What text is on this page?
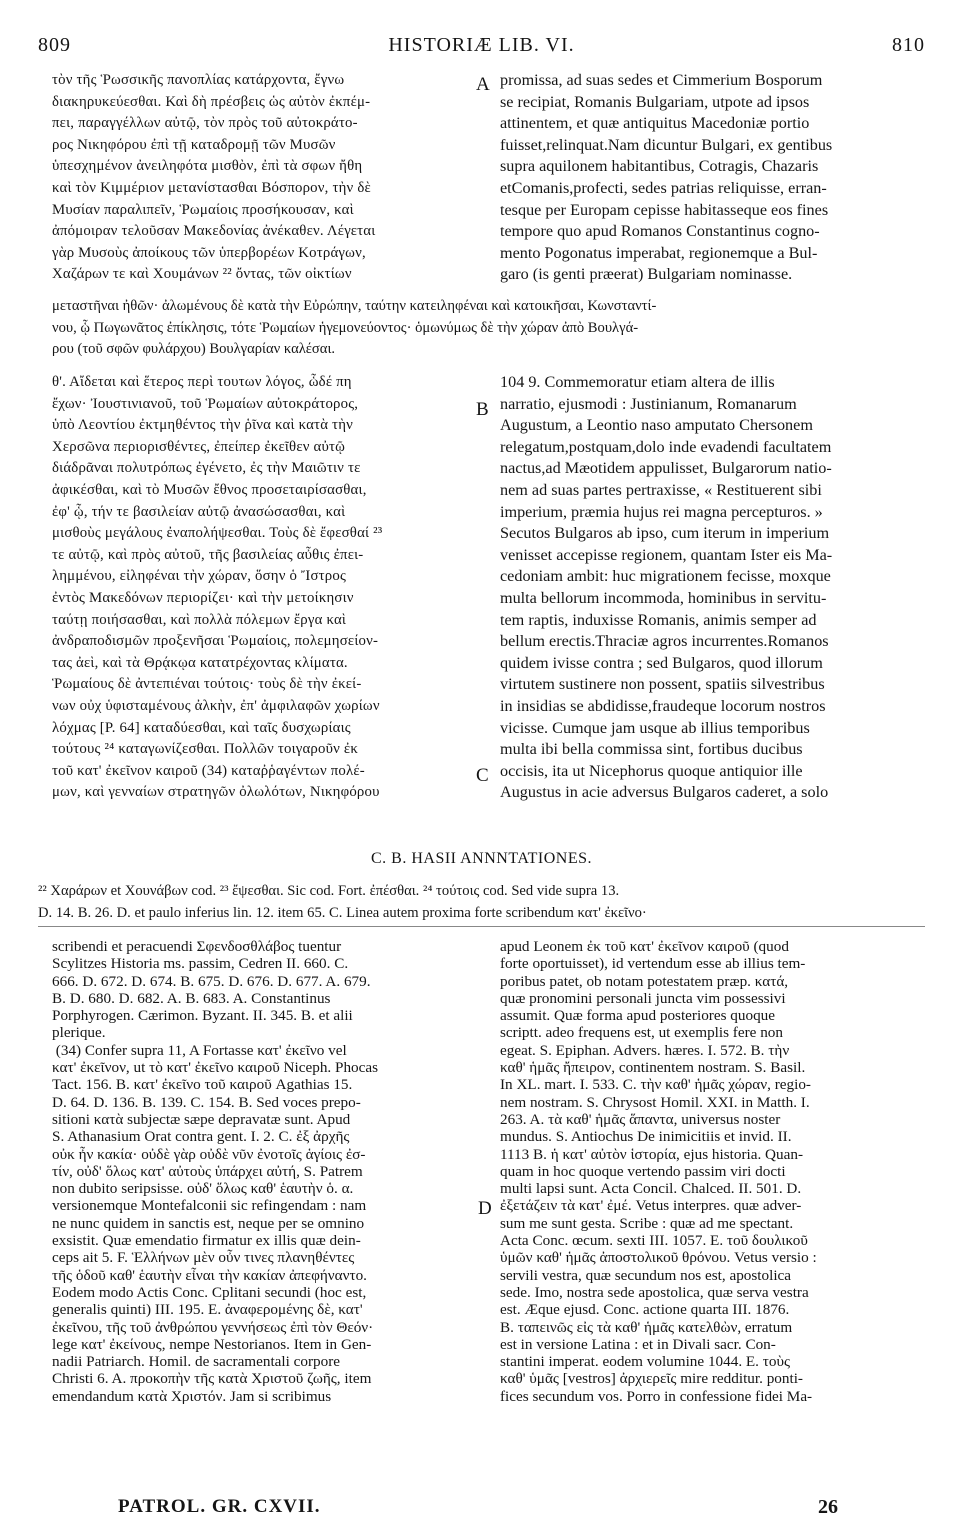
809	HISTORIÆ LIB. VI.	810
τὸν τῆς Ῥωσσικῆς πανοπλίας κατάρχοντα, ἔγνω
διακηρυκεύεσθαι. Καὶ δὴ πρέσβεις ὡς αὐτὸν ἐκπέμ-
πει, παραγγέλλων αὐτῷ, τὸν πρὸς τοῦ αὐτοκράτο-
ρος Νικηφόρου ἐπὶ τῇ καταδρομῇ τῶν Μυσῶν
ὑπεσχημένον ἀνειληφότα μισθὸν, ἐπὶ τὰ σφων ἤθη
καὶ τὸν Κιμμέριον μετανίστασθαι Βόσπορον, τὴν δὲ
Μυσίαν παραλιπεῖν, Ῥωμαίοις προσήκουσαν, καὶ
ἀπόμοιραν τελοῦσαν Μακεδονίας ἀνέκαθεν. Λέγεται
γὰρ Μυσοὺς ἀποίκους τῶν ὑπερβορέων Κοτράγων,
Χαζάρων τε καὶ Χουμάνων ²² ὄντας, τῶν οἰκτίων
A promissa, ad suas sedes et Cimmerium Bosporum
se recipiat, Romanis Bulgariam, utpote ad ipsos
attinentem, et quæ antiquitus Macedoniæ portio
fuisset,relinquat.Nam dicuntur Bulgari, ex gentibus
supra aquilonem habitantibus, Cotragis, Chazaris
etComanis,profecti, sedes patrias reliquisse, erran-
tesque per Europam cepisse habitasseque eos fines
tempore quo apud Romanos Constantinus cogno-
mento Pogonatus imperabat, regionemque a Bul-
garo (is genti præerat) Bulgariam nominasse.
μεταστῆναι ἠθῶν· ἀλωμένους δὲ κατὰ τὴν Εὐρώπην, ταύτην κατειληφέναι καὶ κατοικῆσαι, Κωνσταντί-
νου, ᾧ Πωγωνᾶτος ἐπίκλησις, τότε Ῥωμαίων ἡγεμονεύοντος· ὁμωνύμως δὲ τὴν χώραν ἀπὸ Βουλγά-
ρου (τοῦ σφῶν φυλάρχου) Βουλγαρίαν καλέσαι.
θ'. Αἴδεται καὶ ἕτερος περὶ τουτων λόγος, ὧδέ πη
ἔχων· Ἰουστινιανοῦ, τοῦ Ῥωμαίων αὐτοκράτορος,
ὑπὸ Λεοντίου ἐκτμηθέντος τὴν ῥῖνα καὶ κατὰ τὴν
Χερσῶνα περιορισθέντες, ἐπείπερ ἐκεῖθεν αὐτῷ
διάδρᾶναι πολυτρόπως ἐγένετο, ἐς τὴν Μαιῶτιν τε
ἀφικέσθαι, καὶ τὸ Μυσῶν ἔθνος προσεταιρίσασθαι,
ἐφ' ᾧ, τήν τε βασιλείαν αὐτῷ ἀνασώσασθαι, καὶ
μισθοὺς μεγάλους ἐναπολήψεσθαι. Τοὺς δὲ ἔφεσθαί ²³
τε αὐτῷ, καὶ πρὸς αὐτοῦ, τῆς βασιλείας αὖθις ἐπει-
λημμένου, εἰληφέναι τὴν χώραν, ὅσην ὁ Ἴστρος
ἐντὸς Μακεδόνων περιορίζει· καὶ τὴν μετοίκησιν
ταύτῃ ποιήσασθαι, καὶ πολλὰ πόλεμων ἔργα καὶ
ἀνδραποδισμῶν προξενῆσαι Ῥωμαίοις, πολεμησείον-
τας ἀεὶ, καὶ τὰ Θρᾴκῳα κατατρέχοντας κλίματα.
Ῥωμαίους δὲ ἀντεπιέναι τούτοις· τοὺς δὲ τὴν ἐκεί-
νων οὐχ ὑφισταμένους ἀλκὴν, ἐπ' ἀμφιλαφῶν χωρίων
λόχμας [P. 64] καταδύεσθαι, καὶ ταῖς δυσχωρίαις
τούτους ²⁴ καταγωνίζεσθαι. Πολλῶν τοιγαροῦν ἐκ
τοῦ κατ' ἐκεῖνον καιροῦ (34) καταῤῥαγέντων πολέ-
μων, καὶ γενναίων στρατηγῶν ὀλωλότων, Νικηφόρου
B
C
104 9. Commemoratur etiam altera de illis
narratio, ejusmodi : Justinianum, Romanarum
Augustum, a Leontio naso amputato Chersonem
relegatum,postquam,dolo inde evadendi facultatem
nactus,ad Mæotidem appulisset, Bulgarorum natio-
nem ad suas partes pertraxisse, « Restituerent sibi
imperium, præmia hujus rei magna percepturos. »
Secutos Bulgaros ab ipso, cum iterum in imperium
venisset accepisse regionem, quantam Ister eis Ma-
cedoniam ambit: huc migrationem fecisse, moxque
multa bellorum incommoda, hominibus in servitu-
tem raptis, induxisse Romanis, animis semper ad
bellum erectis.Thraciæ agros incurrentes.Romanos
quidem ivisse contra ; sed Bulgaros, quod illorum
virtutem sustinere non possent, spatiis silvestribus
in insidias se abdidisse,fraudeque locorum nostros
vicisse. Cumque jam usque ab illius temporibus
multa ibi bella commissa sint, fortibus ducibus
occisis, ita ut Nicephorus quoque antiquior ille
Augustus in acie adversus Bulgaros caderet, a solo
C. B. HASII ANNNTATIONES.
²² Χαράρων et Χουνάβων cod. ²³ ἔψεσθαι. Sic cod. Fort. ἐπέσθαι. ²⁴ τούτοις cod. Sed vide supra 13.
D. 14. B. 26. D. et paulo inferius lin. 12. item 65. C. Linea autem proxima forte scribendum κατ' ἐκεῖνο·
scribendi et peracuendi Σφενδοσθλάβος tuentur
Scylitzes Historia ms. passim, Cedren II. 660. C.
666. D. 672. D. 674. B. 675. D. 676. D. 677. A. 679.
B. D. 680. D. 682. A. B. 683. A. Constantinus
Porphyrogen. Cærimon. Byzant. II. 345. B. et alii
plerique.
(34) Confer supra 11, A Fortasse κατ' ἐκεῖνο vel
κατ' ἐκεῖνον, ut τὸ κατ' ἐκεῖνο καιροῦ Niceph. Phocas
Tact. 156. B. κατ' ἐκεῖνο τοῦ καιροῦ Agathias 15.
D. 64. D. 136. B. 139. C. 154. B. Sed voces prepo-
sitioni κατὰ subjectæ sæpe depravatæ sunt. Apud
S. Athanasium Orat contra gent. I. 2. C. ἐξ ἀρχῆς
οὐκ ἦν κακία· οὐδὲ γὰρ οὐδὲ νῦν ἐνοτοῖς ἁγίοις ἐσ-
τίν, οὐδ' ὅλως κατ' αὐτοὺς ὑπάρχει αὐτή, S. Patrem
non dubito seripsisse. οὐδ' ὅλως καθ' ἑαυτὴν ὁ. α.
versionemque Montefalconii sic refingendam : nam
ne nunc quidem in sanctis est, neque per se omnino
exsistit. Quæ emendatio firmatur ex illis quæ dein-
ceps ait 5. F. Ἑλλήνων μὲν οὖν τινες πλανηθέντες
τῆς ὁδοῦ καθ' ἑαυτὴν εἶναι τὴν κακίαν ἀπεφήναντο.
Eodem modo Actis Conc. Cplitani secundi (hoc est,
generalis quinti) III. 195. E. ἀναφερομένης δὲ, κατ'
ἐκεῖνου, τῆς τοῦ ἀνθρώπου γεννήσεως ἐπὶ τὸν Θεόν·
lege κατ' ἐκείνους, nempe Nestorianos. Item in Gen-
nadii Patriarch. Homil. de sacramentali corpore
Christi 6. A. προκοπὴν τῆς κατὰ Χριστοῦ ζωῆς, item
emendandum κατὰ Χριστόν. Jam si scribimus
D
apud Leonem ἐκ τοῦ κατ' ἐκεῖνον καιροῦ (quod
forte oportuisset), id vertendum esse ab illius tem-
poribus patet, ob notam potestatem præp. κατά,
quæ pronomini personali juncta vim possessivi
assumit. Quæ forma apud posteriores quoque
scriptt. adeo frequens est, ut exemplis fere non
egeat. S. Epiphan. Advers. hæres. I. 572. B. τὴν
καθ' ἡμᾶς ἤπειρον, continentem nostram. S. Basil.
In XL. mart. I. 533. C. τὴν καθ' ἡμᾶς χώραν, regio-
nem nostram. S. Chrysost Homil. XXI. in Matth. I.
263. A. τὰ καθ' ἡμᾶς ἅπαντα, universus noster
mundus. S. Antiochus De inimicitiis et invid. II.
1113 B. ἡ κατ' αὐτὸν ἱστορία, ejus historia. Quan-
quam in hoc quoque vertendo passim viri docti
multi lapsi sunt. Acta Concil. Chalced. II. 501. D.
ἐξετάζειν τὰ κατ' ἐμέ. Vetus interpres. quæ adver-
sum me sunt gesta. Scribe : quæ ad me spectant.
Acta Conc. œcum. sexti III. 1057. E. τοῦ δουλικοῦ
ὑμῶν καθ' ἡμᾶς ἀποστολικοῦ θρόνου. Vetus versio :
servili vestra, quæ secundum nos est, apostolica
sede. Imo, nostra sede apostolica, quæ serva vestra
est. Æque ejusd. Conc. actione quarta III. 1876.
B. ταπεινῶς εἰς τὰ καθ' ἡμᾶς κατελθὼν, erratum
est in versione Latina : et in Divali sacr. Con-
stantini imperat. eodem volumine 1044. E. τοὺς
καθ' ὑμᾶς [vestros] ἀρχιερεῖς mire redditur. ponti-
fices secundum vos. Porro in confessione fidei Ma-
PATROL. GR. CXVII.	26
